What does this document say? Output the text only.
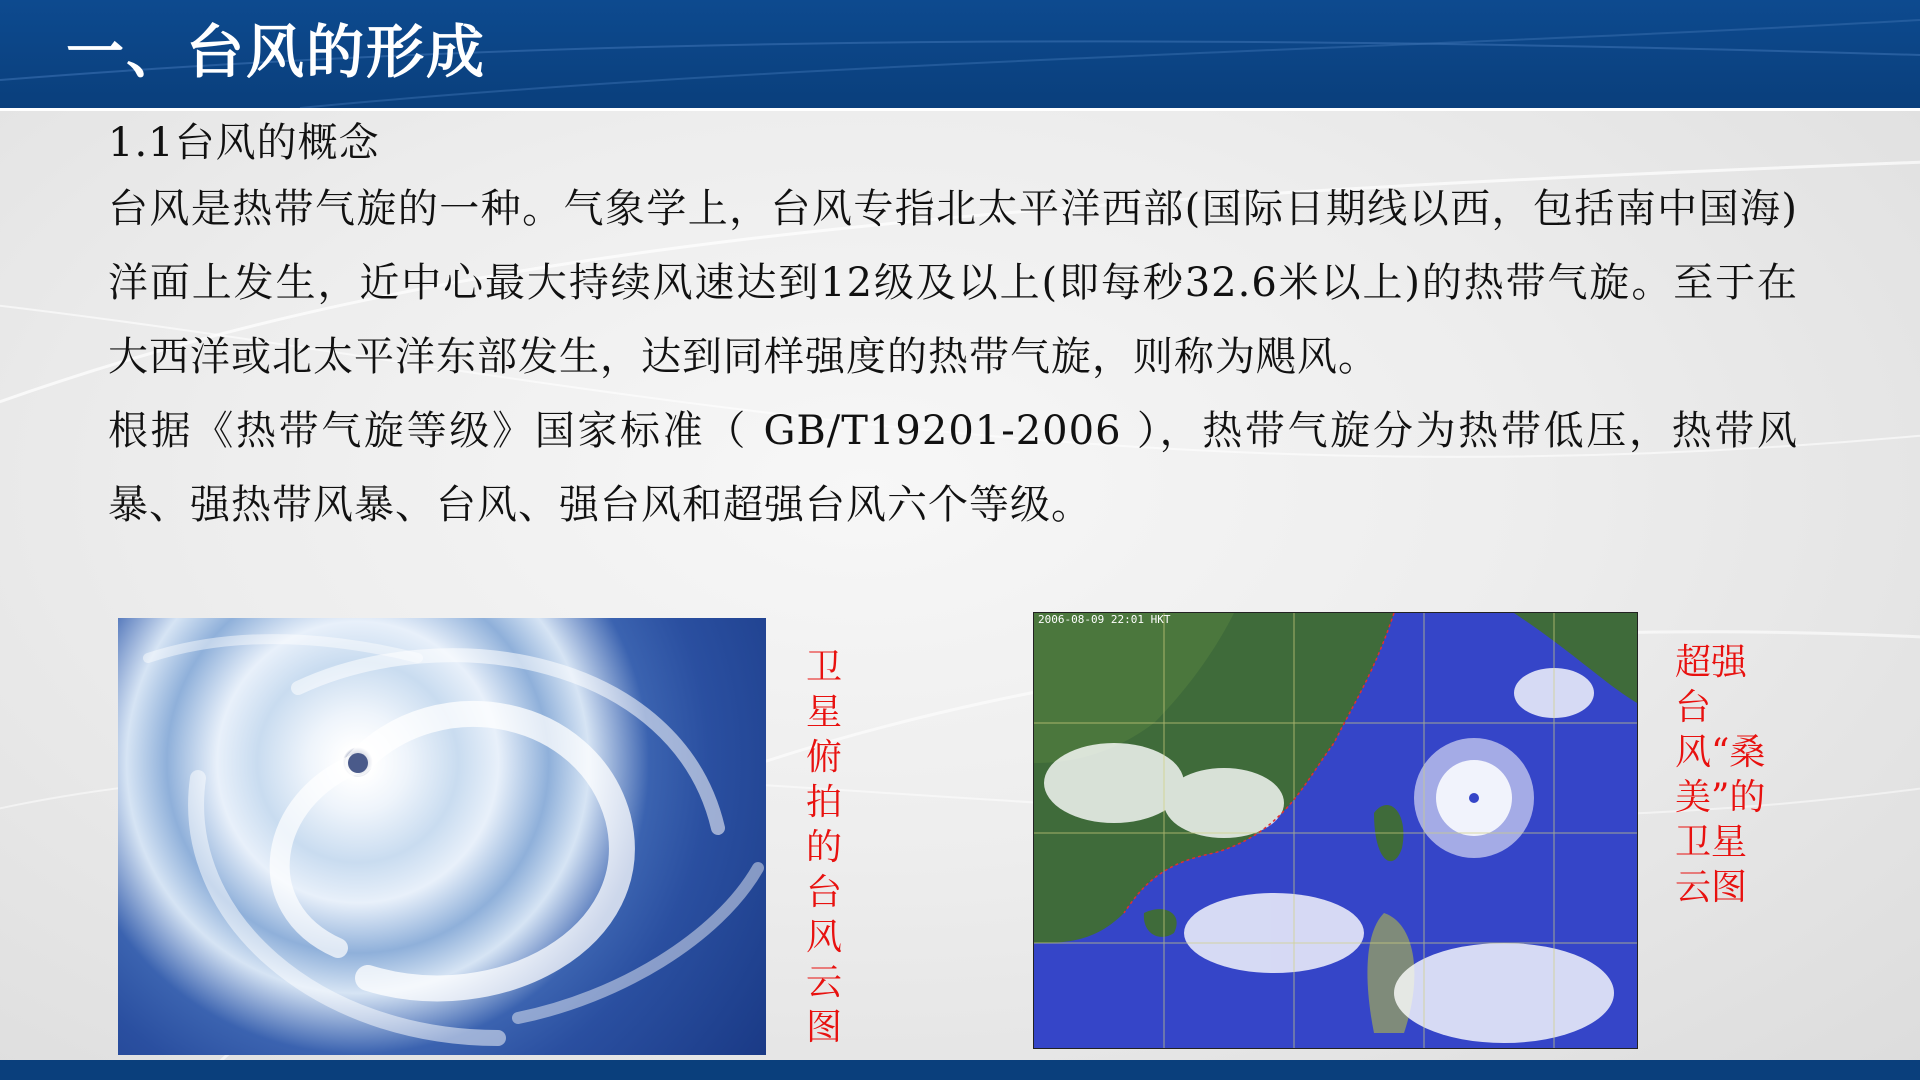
一、台风的形成

1.1台风的概念

台风是热带气旋的一种。气象学上，台风专指北太平洋西部(国际日期线以西，包括南中国海)洋面上发生，近中心最大持续风速达到12级及以上(即每秒32.6米以上)的热带气旋。至于在大西洋或北太平洋东部发生，达到同样强度的热带气旋，则称为飓风。

根据《热带气旋等级》国家标准（ GB/T19201-2006 ），热带气旋分为热带低压，热带风暴、强热带风暴、台风、强台风和超强台风六个等级。

卫星俯拍的台风云图
2006-08-09 22:01 HKT
超强台风“桑美”的卫星云图
